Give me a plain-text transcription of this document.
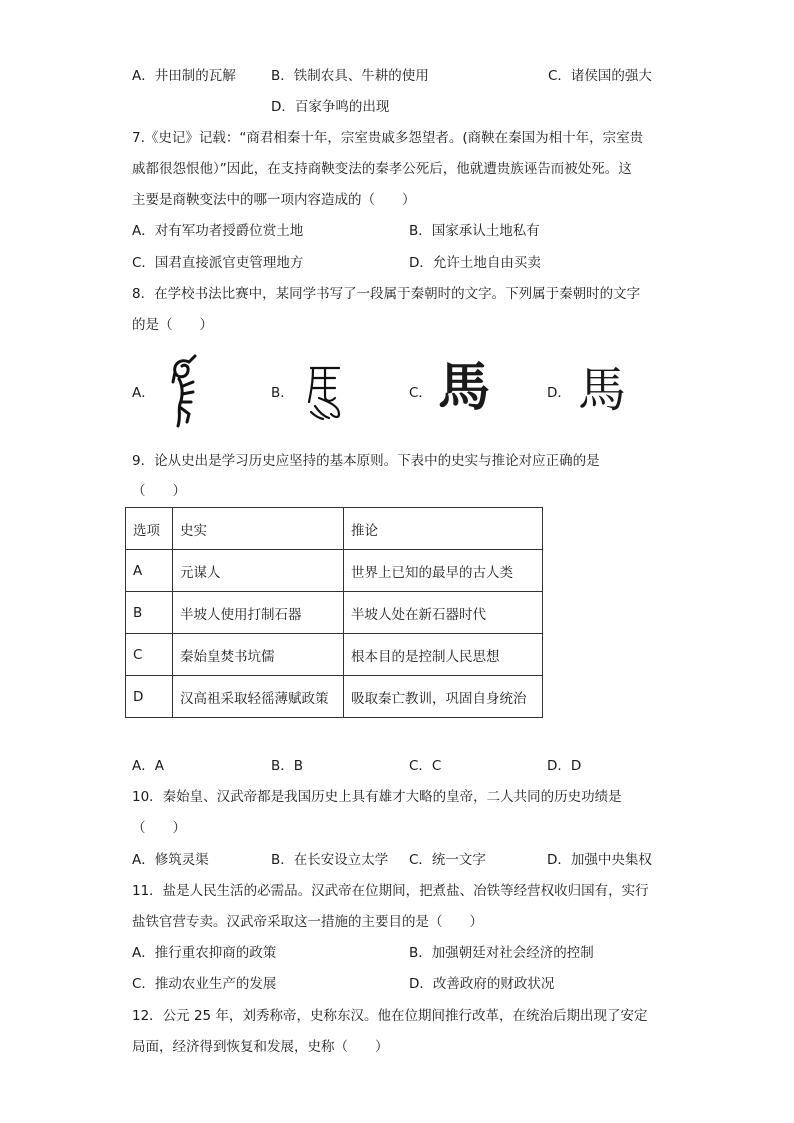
A．井田制的瓦解	B．铁制农具、牛耕的使用	C．诸侯国的强大
D．百家争鸣的出现
7.《史记》记载：“商君相秦十年，宗室贵戚多怨望者。(商鞅在秦国为相十年，宗室贵
戚都很怨恨他）”因此，在支持商鞅变法的秦孝公死后，他就遭贵族诬告而被处死。这
主要是商鞅变法中的哪一项内容造成的（　　）
A．对有军功者授爵位赏土地	B．国家承认土地私有
C．国君直接派官吏管理地方	D．允许土地自由买卖
8．在学校书法比赛中，某同学书写了一段属于秦朝时的文字。下列属于秦朝时的文字
的是（　　）
A．	B．	C． 馬	D． 馬
9．论从史出是学习历史应坚持的基本原则。下表中的史实与推论对应正确的是
（　　）
选项	史实	推论
A	元谋人	世界上已知的最早的古人类
B	半坡人使用打制石器	半坡人处在新石器时代
C	秦始皇焚书坑儒	根本目的是控制人民思想
D	汉高祖采取轻徭薄赋政策	吸取秦亡教训，巩固自身统治
A．A	B．B	C．C	D．D
10．秦始皇、汉武帝都是我国历史上具有雄才大略的皇帝，二人共同的历史功绩是
（　　）
A．修筑灵渠	B．在长安设立太学 C．统一文字	D．加强中央集权
11．盐是人民生活的必需品。汉武帝在位期间，把煮盐、冶铁等经营权收归国有，实行
盐铁官营专卖。汉武帝采取这一措施的主要目的是（　　）
A．推行重农抑商的政策	B．加强朝廷对社会经济的控制
C．推动农业生产的发展	D．改善政府的财政状况
12．公元 25 年，刘秀称帝，史称东汉。他在位期间推行改革，在统治后期出现了安定
局面，经济得到恢复和发展，史称（　　）
